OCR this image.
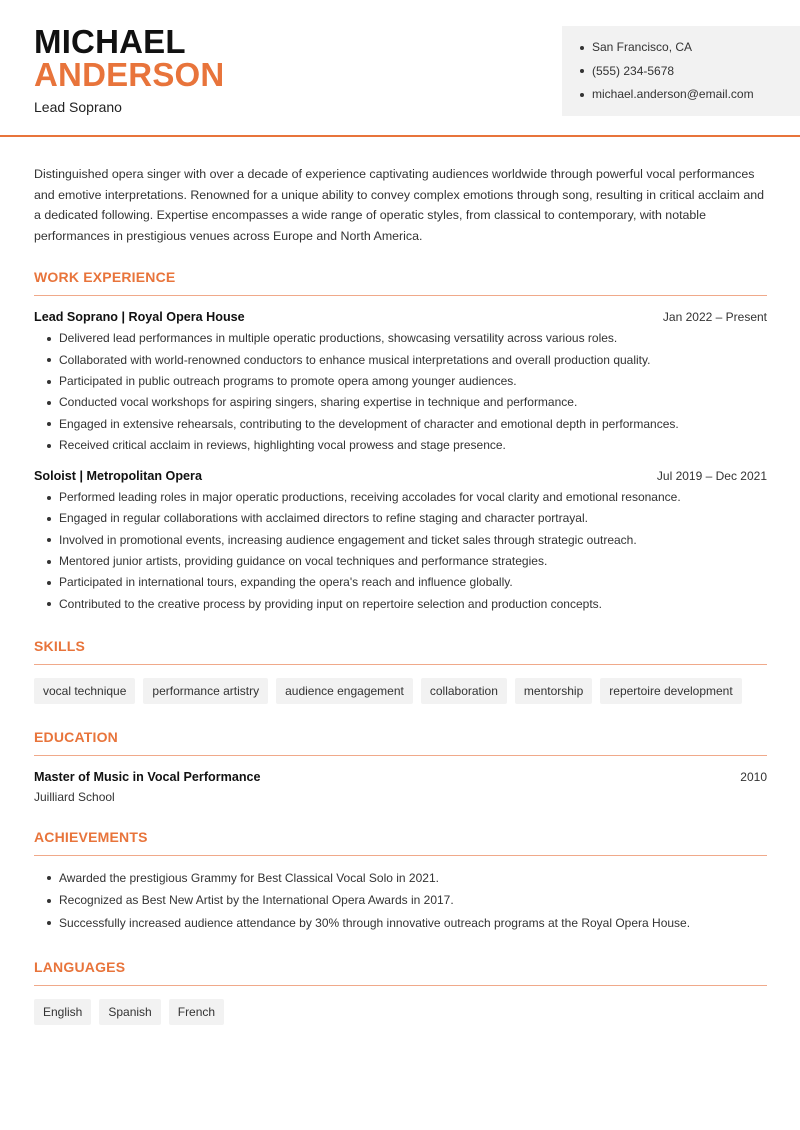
MICHAEL
ANDERSON
Lead Soprano
San Francisco, CA
(555) 234-5678
michael.anderson@email.com

Distinguished opera singer with over a decade of experience captivating audiences worldwide through powerful vocal performances and emotive interpretations. Renowned for a unique ability to convey complex emotions through song, resulting in critical acclaim and a dedicated following. Expertise encompasses a wide range of operatic styles, from classical to contemporary, with notable performances in prestigious venues across Europe and North America.

WORK EXPERIENCE
Lead Soprano | Royal Opera House	Jan 2022 – Present
Delivered lead performances in multiple operatic productions, showcasing versatility across various roles.
Collaborated with world-renowned conductors to enhance musical interpretations and overall production quality.
Participated in public outreach programs to promote opera among younger audiences.
Conducted vocal workshops for aspiring singers, sharing expertise in technique and performance.
Engaged in extensive rehearsals, contributing to the development of character and emotional depth in performances.
Received critical acclaim in reviews, highlighting vocal prowess and stage presence.
Soloist | Metropolitan Opera	Jul 2019 – Dec 2021
Performed leading roles in major operatic productions, receiving accolades for vocal clarity and emotional resonance.
Engaged in regular collaborations with acclaimed directors to refine staging and character portrayal.
Involved in promotional events, increasing audience engagement and ticket sales through strategic outreach.
Mentored junior artists, providing guidance on vocal techniques and performance strategies.
Participated in international tours, expanding the opera's reach and influence globally.
Contributed to the creative process by providing input on repertoire selection and production concepts.
SKILLS
vocal technique	performance artistry	audience engagement	collaboration	mentorship	repertoire development
EDUCATION
Master of Music in Vocal Performance	2010
Juilliard School
ACHIEVEMENTS
Awarded the prestigious Grammy for Best Classical Vocal Solo in 2021.
Recognized as Best New Artist by the International Opera Awards in 2017.
Successfully increased audience attendance by 30% through innovative outreach programs at the Royal Opera House.
LANGUAGES
English	Spanish	French
